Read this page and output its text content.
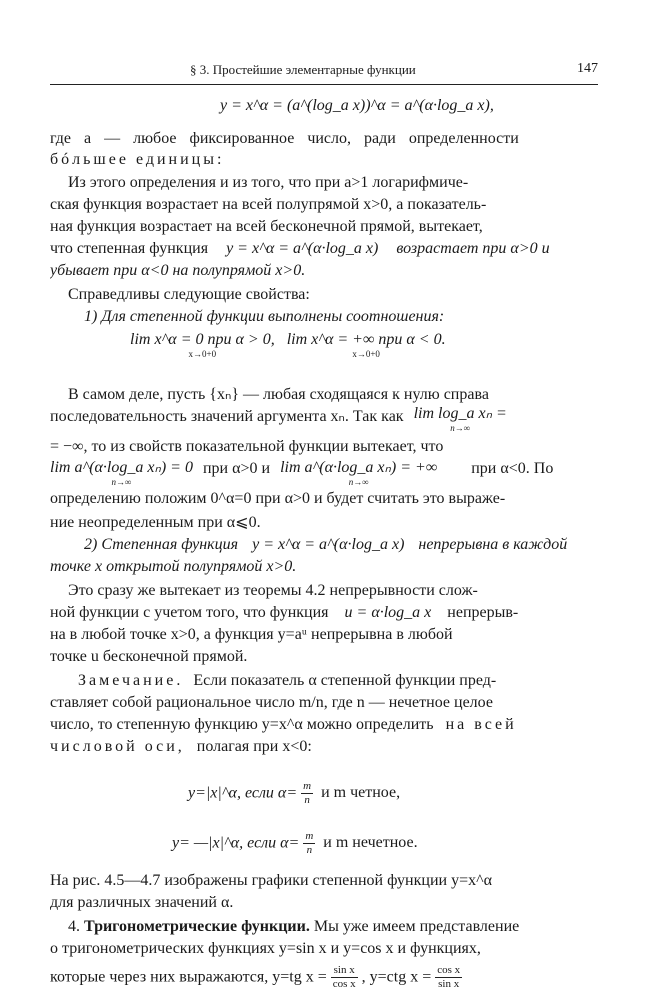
§ 3. Простейшие элементарные функции	147
y = x^α = (a^(log_a x))^α = a^(α·log_a x),
где a — любое фиксированное число, ради определенности
бóльшее единицы:
Из этого определения и из того, что при a>1 логарифмиче-
ская функция возрастает на всей полупрямой x>0, а показатель-
ная функция возрастает на всей бесконечной прямой, вытекает,
что степенная функция y = x^α = a^(α·log_a x) возрастает при α>0 и
убывает при α<0 на полупрямой x>0.
Справедливы следующие свойства:
1) Для степенной функции выполнены соотношения:
lim x^α = 0 при α > 0,
x→0+0
lim x^α = +∞ при α < 0.
x→0+0
В самом деле, пусть {xₙ} — любая сходящаяся к нулю справа
последовательность значений аргумента xₙ. Так как lim log_a xₙ =
n→∞
= −∞, то из свойств показательной функции вытекает, что
lim a^(α·log_a xₙ) = 0
n→∞
при α>0 и lim a^(α·log_a xₙ) = +∞
n→∞
при α<0. По
определению положим 0^α=0 при α>0 и будет считать это выраже-
ние неопределенным при α⩽0.
2) Степенная функция y = x^α = a^(α·log_a x) непрерывна в каждой
точке x открытой полупрямой x>0.
Это сразу же вытекает из теоремы 4.2 непрерывности слож-
ной функции с учетом того, что функция u = α·log_a x непрерыв-
на в любой точке x>0, а функция y=aᵘ непрерывна в любой
точке u бесконечной прямой.
Замечание. Если показатель α степенной функции пред-
ставляет собой рациональное число m/n, где n — нечетное целое
число, то степенную функцию y=x^α можно определить на всей
числовой оси, полагая при x<0:
y=|x|^α, если $\alpha= \frac{m}{n}$ и m четное,
y= —|x|^α, если $\alpha= \frac{m}{n}$ и m нечетное.
На рис. 4.5—4.7 изображены графики степенной функции y=x^α
для различных значений α.
4. Тригонометрические функции. Мы уже имеем представление
о тригонометрических функциях y=sin x и y=cos x и функциях,
которые через них выражаются, y=tg $x = \frac{\text{sin x}}{\text{cos x}}$ , y=ctg $x = \frac{\text{cos x}}{\text{sin x}}$
